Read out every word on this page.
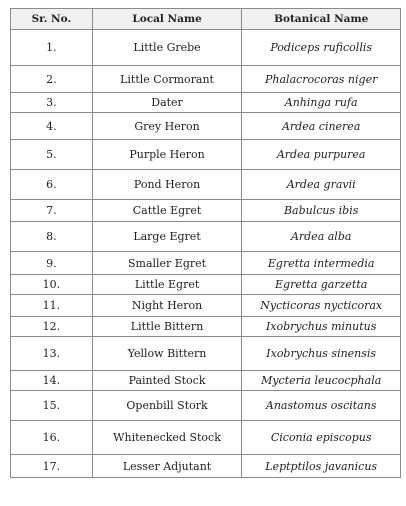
Sr. No.	Local Name	Botanical Name
1.	Little Grebe	Podiceps ruficollis
2.	Little Cormorant	Phalacrocoras niger
3.	Dater	Anhinga rufa
4.	Grey Heron	Ardea cinerea
5.	Purple Heron	Ardea purpurea
6.	Pond Heron	Ardea gravii
7.	Cattle Egret	Babulcus ibis
8.	Large Egret	Ardea alba
9.	Smaller Egret	Egretta intermedia
10.	Little Egret	Egretta garzetta
11.	Night Heron	Nycticoras nycticorax
12.	Little Bittern	Ixobrychus minutus
13.	Yellow Bittern	Ixobrychus sinensis
14.	Painted Stock	Mycteria leucocphala
15.	Openbill Stork	Anastomus oscitans
16.	Whitenecked Stock	Ciconia episcopus
17.	Lesser Adjutant	Leptptilos javanicus
